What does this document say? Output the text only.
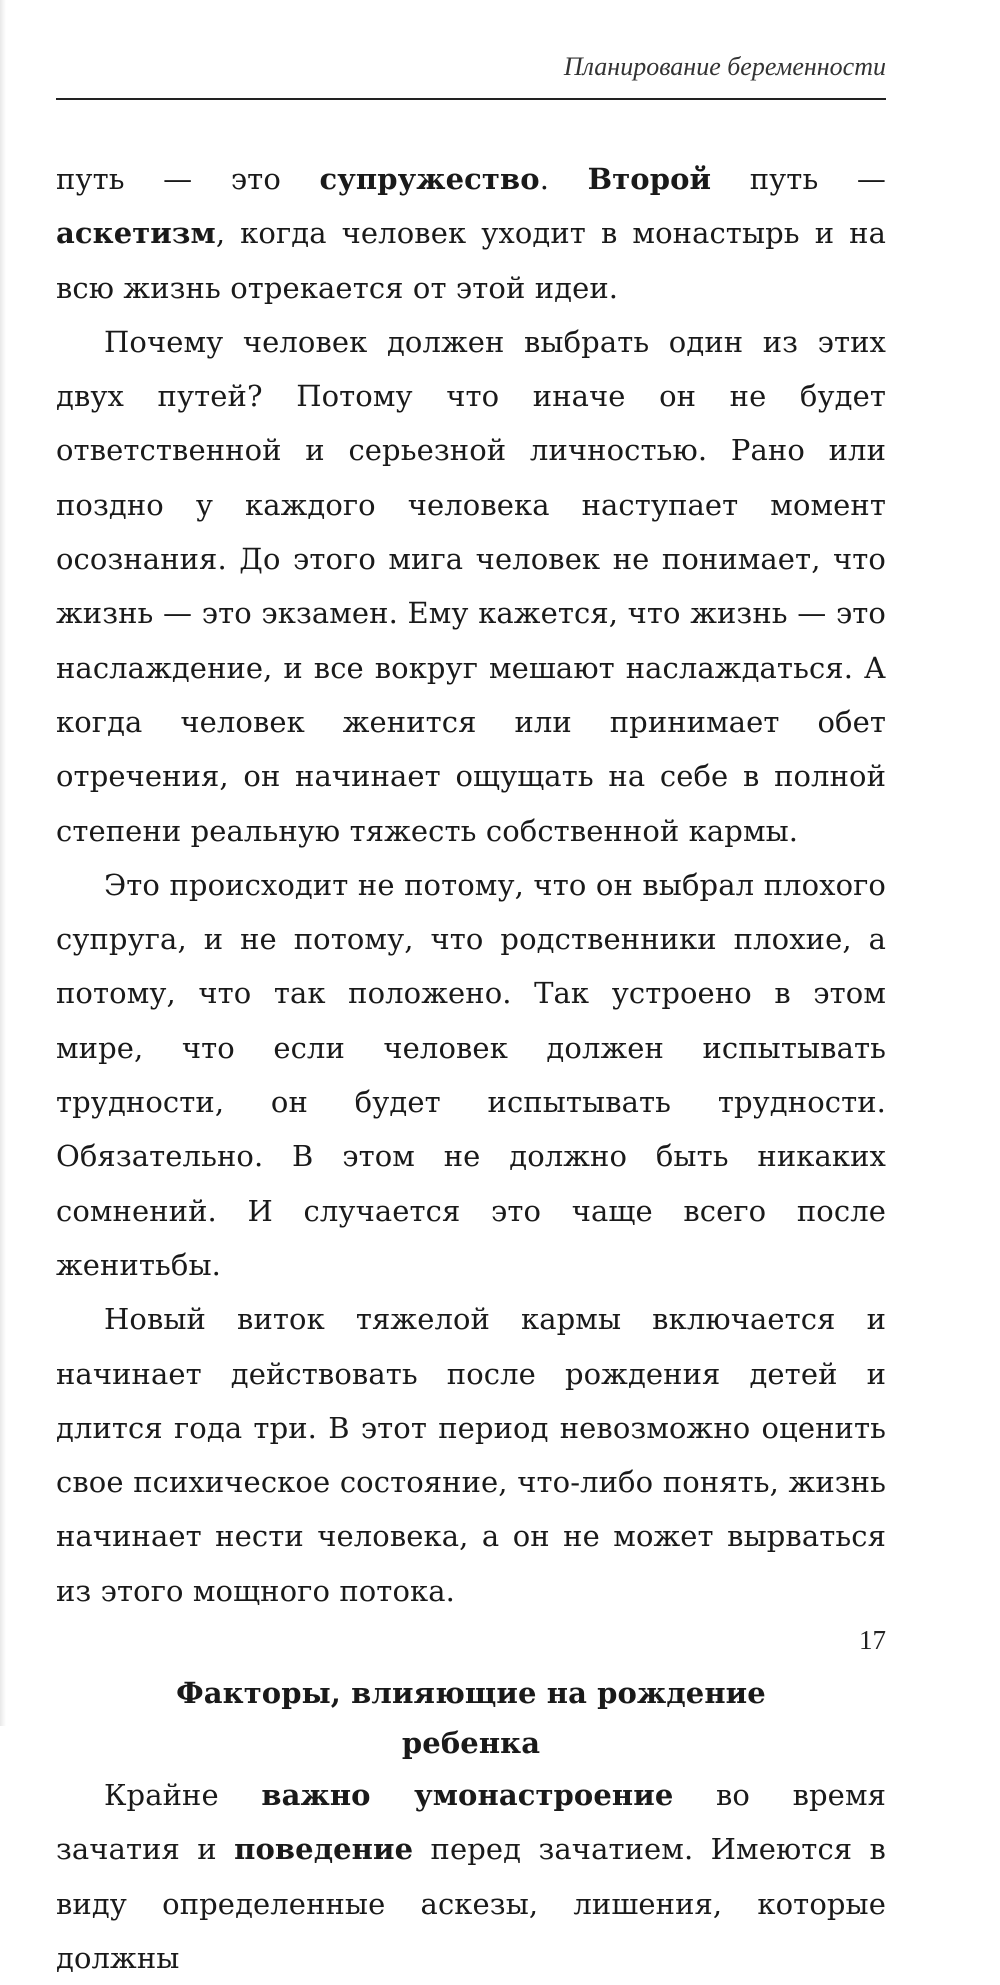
Планирование беременности

путь — это супружество. Второй путь — аскетизм, когда человек уходит в монастырь и на всю жизнь отрекается от этой идеи.

Почему человек должен выбрать один из этих двух путей? Потому что иначе он не будет ответственной и серьезной личностью. Рано или поздно у каждого человека наступает момент осознания. До этого мига человек не понимает, что жизнь — это экзамен. Ему кажется, что жизнь — это наслаждение, и все вокруг мешают наслаждаться. А когда человек женится или принимает обет отречения, он начинает ощущать на себе в полной степени реальную тяжесть собственной кармы.

Это происходит не потому, что он выбрал плохого супруга, и не потому, что родственники плохие, а потому, что так положено. Так устроено в этом мире, что если человек должен испытывать трудности, он будет испытывать трудности. Обязательно. В этом не должно быть никаких сомнений. И случается это чаще всего после женитьбы.

Новый виток тяжелой кармы включается и начинает действовать после рождения детей и длится года три. В этот период невозможно оценить свое психическое состояние, что-либо понять, жизнь начинает нести человека, а он не может вырваться из этого мощного потока.

Факторы, влияющие на рождение ребенка

Крайне важно умонастроение во время зачатия и поведение перед зачатием. Имеются в виду определенные аскезы, лишения, которые должны

17
